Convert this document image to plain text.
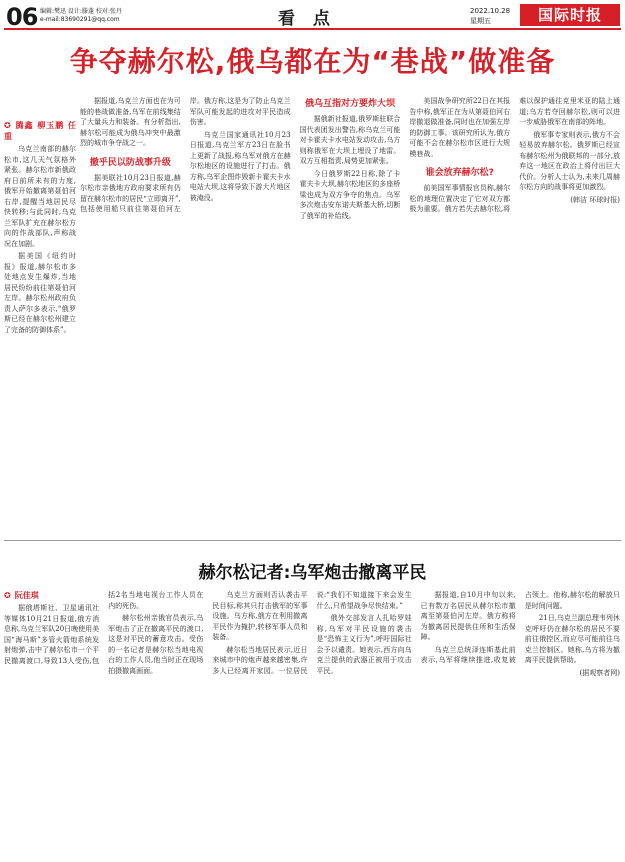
06 编辑:樊迅 设计:滕蓬 校对:张丹
e-mail:83690291@qq.com	看 点	2022.10.28
星期五	国际时报
争夺赫尔松,俄乌都在为“巷战”做准备

✪ 腾鑫 柳玉鹏 任重

乌克兰南部的赫尔松市,这几天气氛格外紧张。赫尔松市新俄政府日前所未有的力度,俄军开始撤离第聂伯河右岸,提醒当地居民尽快转移;与此同时,乌克兰军队扩充在赫尔松方向的作战部队,声称战况在加剧。

据美国《纽约时报》报道,赫尔松市多处地点发生爆炸,当地居民纷纷前往第聂伯河左岸。赫尔松州政府负责人萨尔多表示,“俄罗斯已经在赫尔松州建立了完备的防御体系”。

据报道,乌克兰方面也在为可能的巷战做准备,乌军在前线集结了大量兵力和装备。有分析指出,赫尔松可能成为俄乌冲突中最激烈的城市争夺战之一。

撤乎民以防战事升级

据美联社10月23日报道,赫尔松市亲俄地方政府要求所有仍留在赫尔松市的居民“立即离开”,包括使用船只前往第聂伯河左岸。俄方称,这是为了防止乌克兰军队可能发起的进攻对平民造成伤害。

乌克兰国家通讯社10月23日报道,乌克兰军方23日在脸书上更新了战报,称乌军对俄方在赫尔松地区的设施进行了打击。俄方称,乌军企图炸毁新卡霍夫卡水电站大坝,这将导致下游大片地区被淹没。

俄乌互指对方要炸大坝

据俄新社报道,俄罗斯驻联合国代表团发出警告,称乌克兰可能对卡霍夫卡水电站发动攻击,乌方则称俄军在大坝上埋设了地雷。双方互相指责,局势更加紧张。

今日俄罗斯22日称,除了卡霍夫卡大坝,赫尔松地区的多座桥梁也成为双方争夺的焦点。乌军多次炮击安东诺夫斯基大桥,切断了俄军的补给线。

美国战争研究所22日在其报告中称,俄军正在为从第聂伯河右岸撤退做准备,同时也在加强左岸的防御工事。该研究所认为,俄方可能不会在赫尔松市区进行大规模巷战。

谁会放弃赫尔松?

前美国军事情报官员称,赫尔松的地理位置决定了它对双方都极为重要。俄方若失去赫尔松,将难以保护通往克里米亚的陆上通道;乌方若夺回赫尔松,则可以进一步威胁俄军在南部的阵地。

俄军事专家则表示,俄方不会轻易放弃赫尔松。俄罗斯已经宣布赫尔松州为俄联邦的一部分,放弃这一地区在政治上将付出巨大代价。分析人士认为,未来几周赫尔松方向的战事将更加激烈。

(韩洁 环球时报)

赫尔松记者:乌军炮击撤离平民

✪ 阮佳琪

据俄塔斯社、卫星通讯社等媒体10月21日报道,俄方消息称,乌克兰军队20日晚使用美国“海马斯”多管火箭炮系统发射炮弹,击中了赫尔松市一个平民撤离渡口,导致13人受伤,包括2名当地电视台工作人员在内的死伤。

赫尔松州亲俄官员表示,乌军炮击了正在撤离平民的渡口,这是对平民的蓄意攻击。受伤的一名记者是赫尔松当地电视台的工作人员,他当时正在现场拍摄撤离画面。

乌克兰方面则否认袭击平民目标,称其只打击俄军的军事设施。乌方称,俄方在利用撤离平民作为掩护,转移军事人员和装备。

赫尔松当地居民表示,近日来城市中的炮声越来越密集,许多人已经离开家园。一位居民说:“我们不知道接下来会发生什么,只希望战争尽快结束。”

俄外交部发言人扎哈罗娃称,乌军对平民设施的袭击是“恐怖主义行为”,呼吁国际社会予以谴责。她表示,西方向乌克兰提供的武器正被用于攻击平民。

据报道,自10月中旬以来,已有数万名居民从赫尔松市撤离至第聂伯河左岸。俄方称将为撤离居民提供住所和生活保障。

乌克兰总统泽连斯基此前表示,乌军将继续推进,收复被占领土。他称,赫尔松的解放只是时间问题。

21日,乌克兰副总理韦列休克呼吁仍在赫尔松的居民不要前往俄控区,而应尽可能前往乌克兰控制区。她称,乌方将为撤离平民提供帮助。

(据观察者网)
